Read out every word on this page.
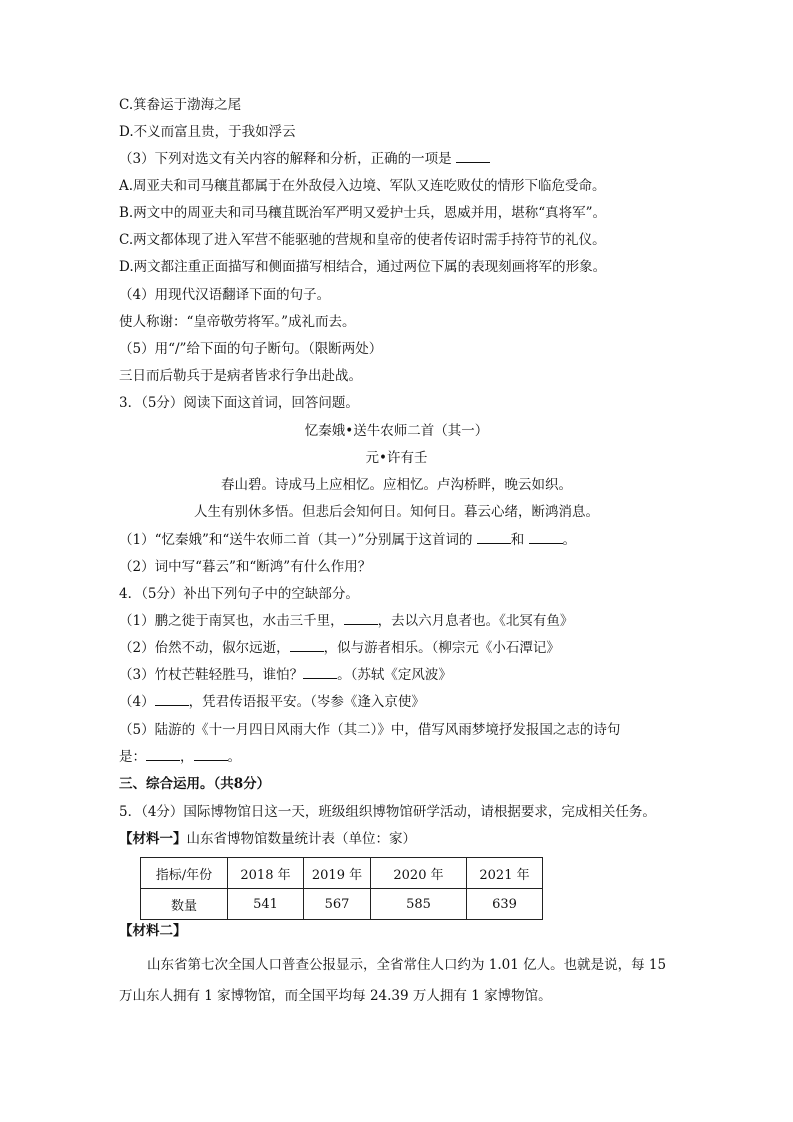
C.箕畚运于渤海之尾
D.不义而富且贵，于我如浮云
（3）下列对选文有关内容的解释和分析，正确的一项是
A.周亚夫和司马穰苴都属于在外敌侵入边境、军队又连吃败仗的情形下临危受命。
B.两文中的周亚夫和司马穰苴既治军严明又爱护士兵，恩威并用，堪称“真将军”。
C.两文都体现了进入军营不能驱驰的营规和皇帝的使者传诏时需手持符节的礼仪。
D.两文都注重正面描写和侧面描写相结合，通过两位下属的表现刻画将军的形象。
（4）用现代汉语翻译下面的句子。
使人称谢：“皇帝敬劳将军。”成礼而去。
（5）用“/”给下面的句子断句。（限断两处）
三日而后勒兵于是病者皆求行争出赴战。
3．（5分）阅读下面这首词，回答问题。
忆秦娥•送牛农师二首（其一）
元•许有壬
春山碧。诗成马上应相忆。应相忆。卢沟桥畔，晚云如织。
人生有别休多悟。但悲后会知何日。知何日。暮云心绪，断鸿消息。
（1）“忆秦娥”和“送牛农师二首（其一）”分别属于这首词的	和	。
（2）词中写“暮云”和“断鸿”有什么作用？
4．（5分）补出下列句子中的空缺部分。
（1）鹏之徙于南冥也，水击三千里，	，去以六月息者也。《北冥有鱼》
（2）佁然不动，俶尔远逝，	，似与游者相乐。（柳宗元《小石潭记》
（3）竹杖芒鞋轻胜马，谁怕？	。（苏轼《定风波》
（4）	，凭君传语报平安。（岑参《逢入京使》
（5）陆游的《十一月四日风雨大作（其二）》中，借写风雨梦境抒发报国之志的诗句
是：	，	。
三、综合运用。（共8分）
5．（4分）国际博物馆日这一天，班级组织博物馆研学活动，请根据要求，完成相关任务。
【材料一】山东省博物馆数量统计表（单位：家）
指标/年份	2018 年	2019 年	2020 年	2021 年
数量	541	567	585	639
【材料二】
山东省第七次全国人口普查公报显示，全省常住人口约为 1.01 亿人。也就是说，每 15
万山东人拥有 1 家博物馆，而全国平均每 24.39 万人拥有 1 家博物馆。
